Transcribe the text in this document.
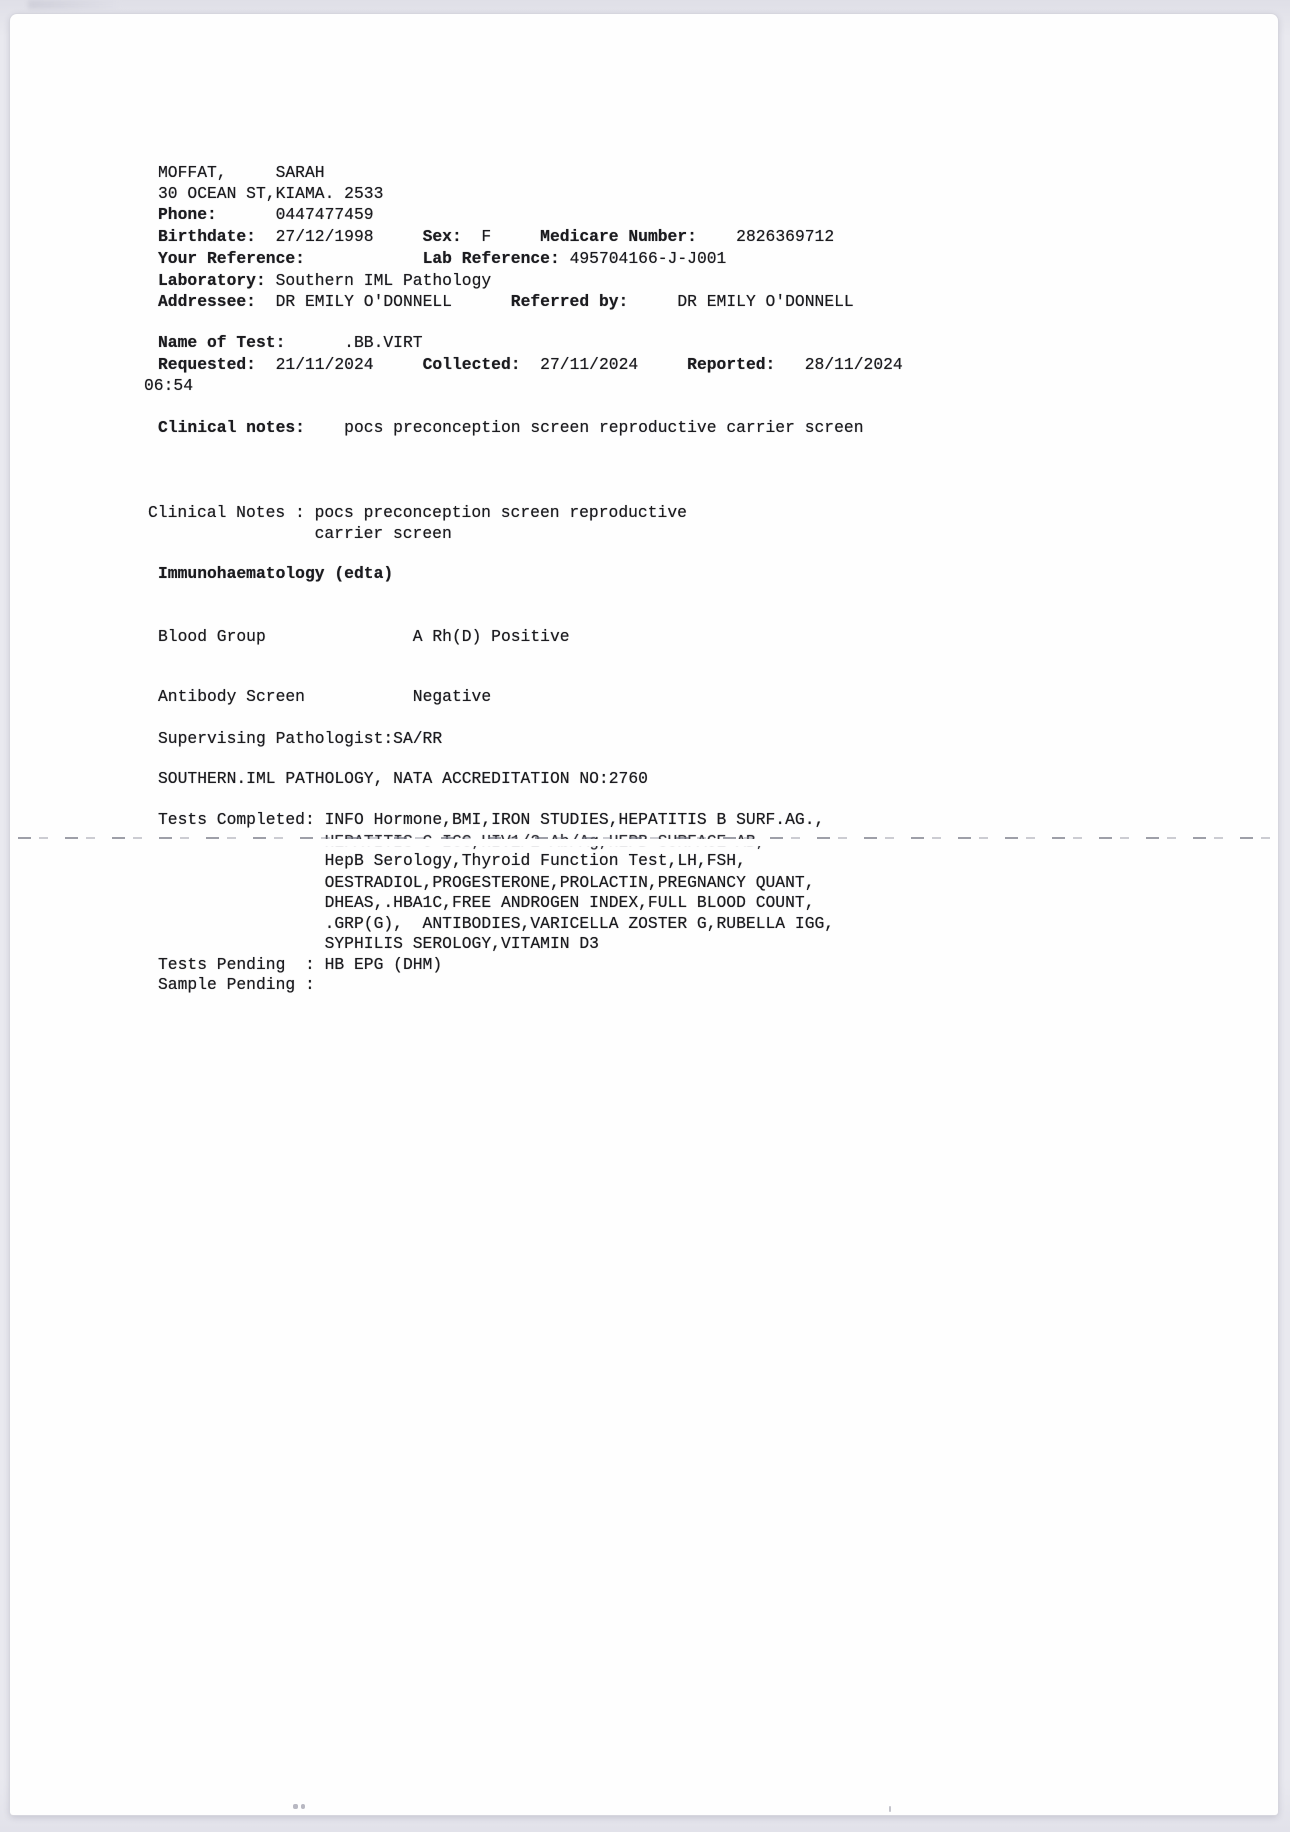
MOFFAT,     SARAH
30 OCEAN ST,KIAMA. 2533
Phone:      0447477459
Birthdate:  27/12/1998     Sex:  F     Medicare Number:    2826369712
Your Reference:	Lab Reference: 495704166-J-J001
Laboratory: Southern IML Pathology
Addressee:  DR EMILY O'DONNELL      Referred by:     DR EMILY O'DONNELL
Name of Test:      .BB.VIRT
Requested:  21/11/2024     Collected:  27/11/2024     Reported:   28/11/2024
06:54
Clinical notes:    pocs preconception screen reproductive carrier screen
Clinical Notes : pocs preconception screen reproductive
carrier screen
Immunohaematology (edta)
Blood Group               A Rh(D) Positive
Antibody Screen           Negative
Supervising Pathologist:SA/RR
SOUTHERN.IML PATHOLOGY, NATA ACCREDITATION NO:2760
Tests Completed: INFO Hormone,BMI,IRON STUDIES,HEPATITIS B SURF.AG.,
HepB Serology,Thyroid Function Test,LH,FSH,
OESTRADIOL,PROGESTERONE,PROLACTIN,PREGNANCY QUANT,
DHEAS,.HBA1C,FREE ANDROGEN INDEX,FULL BLOOD COUNT,
.GRP(G),  ANTIBODIES,VARICELLA ZOSTER G,RUBELLA IGG,
SYPHILIS SEROLOGY,VITAMIN D3
Tests Pending  : HB EPG (DHM)
Sample Pending :
